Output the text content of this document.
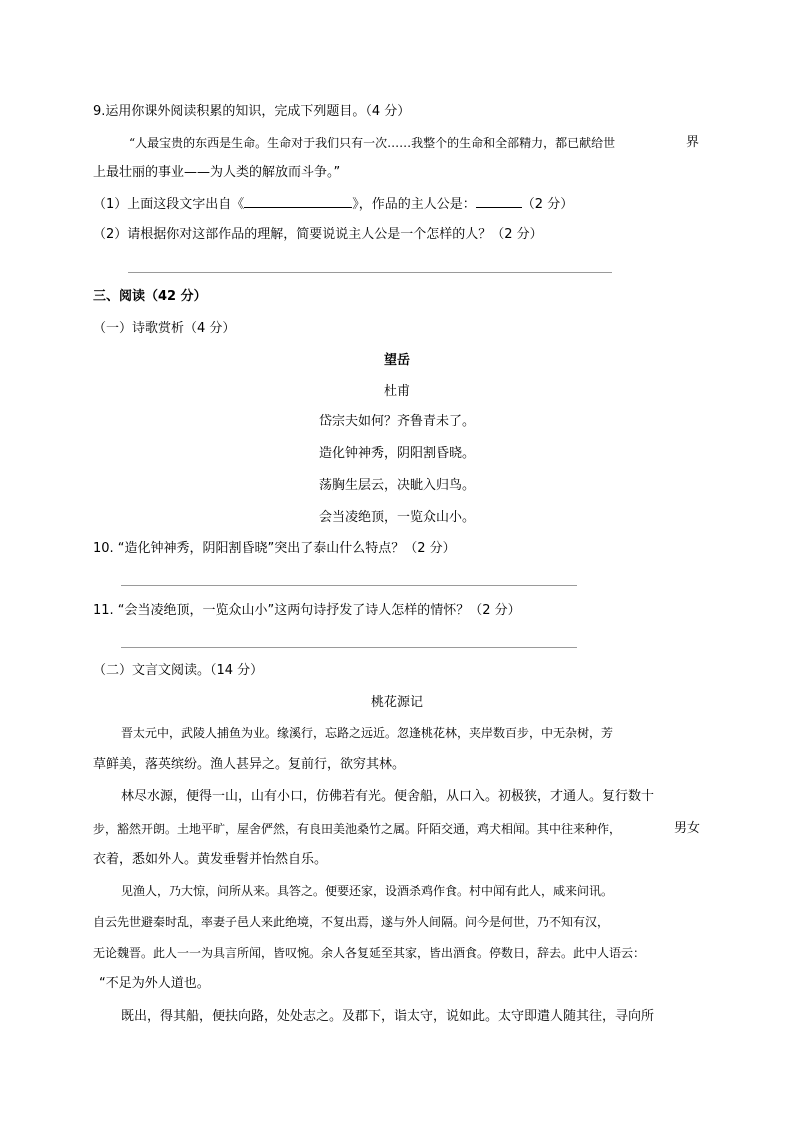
9.运用你课外阅读积累的知识，完成下列题目。（4 分）
“人最宝贵的东西是生命。生命对于我们只有一次……我整个的生命和全部精力，都已献给世	界
上最壮丽的事业——为人类的解放而斗争。”
（1）上面这段文字出自《	》，作品的主人公是：	（2 分）
（2）请根据你对这部作品的理解，简要说说主人公是一个怎样的人？（2 分）
三、阅读（42 分）
（一）诗歌赏析（4 分）
望岳
杜甫
岱宗夫如何？齐鲁青未了。
造化钟神秀，阴阳割昏晓。
荡胸生层云，决眦入归鸟。
会当凌绝顶，一览众山小。
10. “造化钟神秀，阴阳割昏晓”突出了泰山什么特点？（2 分）
11. “会当凌绝顶，一览众山小”这两句诗抒发了诗人怎样的情怀？（2 分）
（二）文言文阅读。（14 分）
桃花源记
晋太元中，武陵人捕鱼为业。缘溪行，忘路之远近。忽逢桃花林，夹岸数百步，中无杂树，芳
草鲜美，落英缤纷。渔人甚异之。复前行，欲穷其林。
林尽水源，便得一山，山有小口，仿佛若有光。便舍船，从口入。初极狭，才通人。复行数十
步，豁然开朗。土地平旷，屋舍俨然，有良田美池桑竹之属。阡陌交通，鸡犬相闻。其中往来种作，	男女
衣着，悉如外人。黄发垂髫并怡然自乐。
见渔人，乃大惊，问所从来。具答之。便要还家，设酒杀鸡作食。村中闻有此人，咸来问讯。
自云先世避秦时乱，率妻子邑人来此绝境，不复出焉，遂与外人间隔。问今是何世，乃不知有汉，
无论魏晋。此人一一为具言所闻，皆叹惋。余人各复延至其家，皆出酒食。停数日，辞去。此中人语云：
“不足为外人道也。
既出，得其船，便扶向路，处处志之。及郡下，诣太守，说如此。太守即遣人随其往，寻向所
